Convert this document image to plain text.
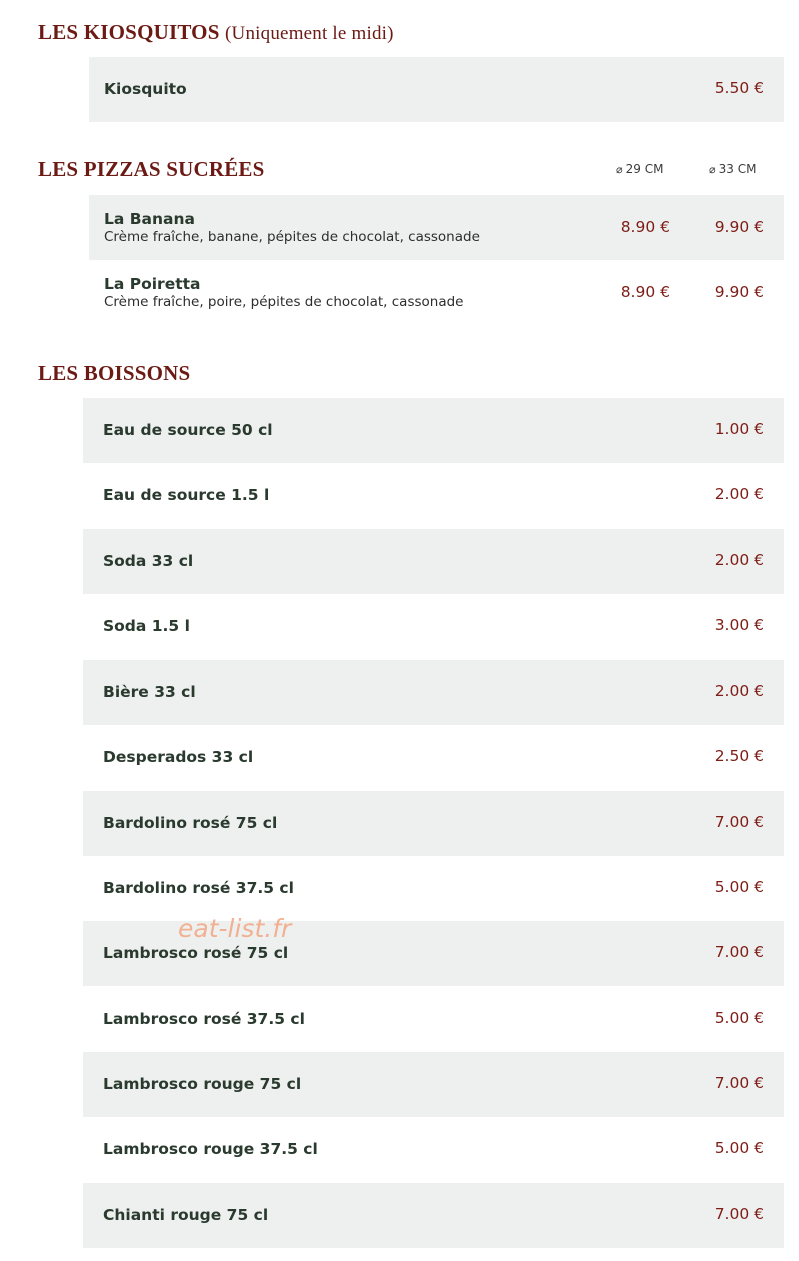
LES KIOSQUITOS (Uniquement le midi)
Kiosquito	5.50 €
LES PIZZAS SUCRÉES	⌀ 29 CM	⌀ 33 CM
La Banana
Crème fraîche, banane, pépites de chocolat, cassonade
8.90 €	9.90 €
La Poiretta
Crème fraîche, poire, pépites de chocolat, cassonade
8.90 €	9.90 €
LES BOISSONS
Eau de source 50 cl	1.00 €
Eau de source 1.5 l	2.00 €
Soda 33 cl	2.00 €
Soda 1.5 l	3.00 €
Bière 33 cl	2.00 €
Desperados 33 cl	2.50 €
Bardolino rosé 75 cl	7.00 €
Bardolino rosé 37.5 cl	5.00 €
Lambrosco rosé 75 cl	7.00 €
Lambrosco rosé 37.5 cl	5.00 €
Lambrosco rouge 75 cl	7.00 €
Lambrosco rouge 37.5 cl	5.00 €
Chianti rouge 75 cl	7.00 €
eat-list.fr
